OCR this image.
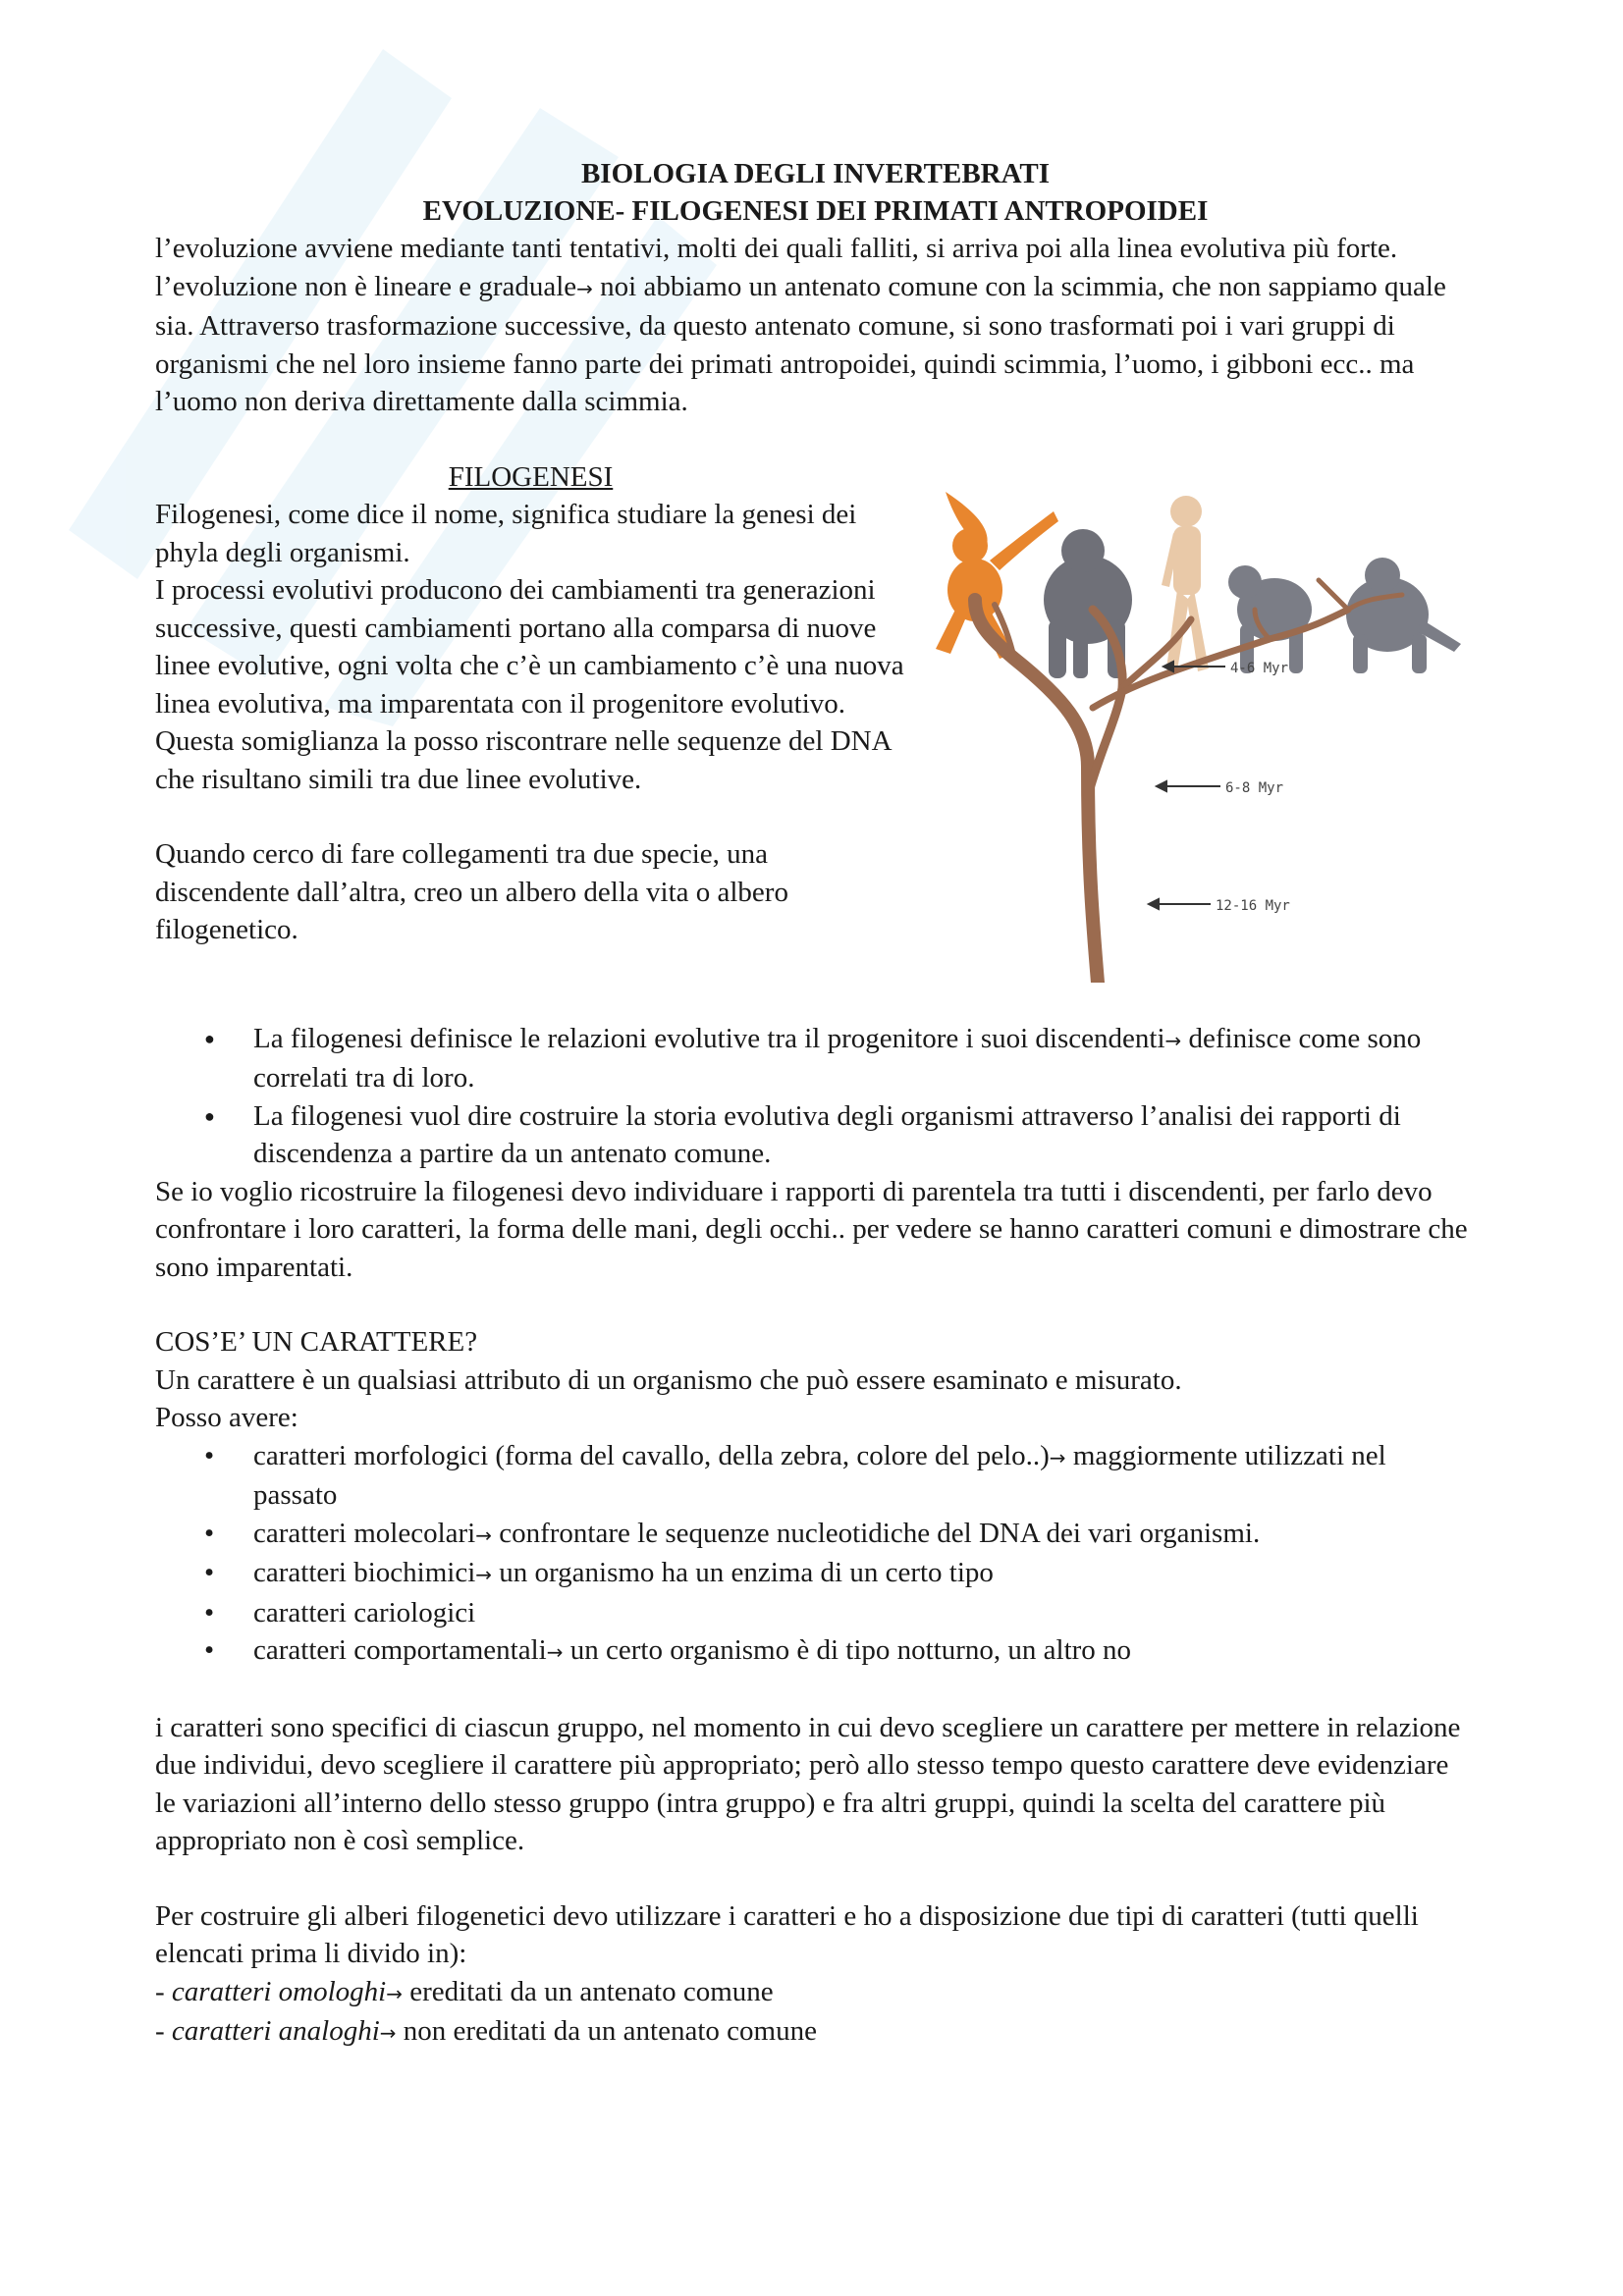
BIOLOGIA DEGLI INVERTEBRATI

EVOLUZIONE- FILOGENESI DEI PRIMATI ANTROPOIDEI

l’evoluzione avviene mediante tanti tentativi, molti dei quali falliti, si arriva poi alla linea evolutiva più forte.

l’evoluzione non è lineare e graduale→ noi abbiamo un antenato comune con la scimmia, che non sappiamo quale sia. Attraverso trasformazione successive, da questo antenato comune, si sono trasformati poi i vari gruppi di organismi che nel loro insieme fanno parte dei primati antropoidei, quindi scimmia, l’uomo, i gibboni ecc.. ma l’uomo non deriva direttamente dalla scimmia.

4-6 Myr
6-8 Myr
12-16 Myr

FILOGENESI

Filogenesi, come dice il nome, significa studiare la genesi dei phyla degli organismi.

I processi evolutivi producono dei cambiamenti tra generazioni successive, questi cambiamenti portano alla comparsa di nuove linee evolutive, ogni volta che c’è un cambiamento c’è una nuova linea evolutiva, ma imparentata con il progenitore evolutivo. Questa somiglianza la posso riscontrare nelle sequenze del DNA che risultano simili tra due linee evolutive.

Quando cerco di fare collegamenti tra due specie, una discendente dall’altra, creo un albero della vita o albero filogenetico.

● La filogenesi definisce le relazioni evolutive tra il progenitore i suoi discendenti→ definisce come sono correlati tra di loro.
● La filogenesi vuol dire costruire la storia evolutiva degli organismi attraverso l’analisi dei rapporti di discendenza a partire da un antenato comune.

Se io voglio ricostruire la filogenesi devo individuare i rapporti di parentela tra tutti i discendenti, per farlo devo confrontare i loro caratteri, la forma delle mani, degli occhi.. per vedere se hanno caratteri comuni e dimostrare che sono imparentati.

COS’E’ UN CARATTERE?

Un carattere è un qualsiasi attributo di un organismo che può essere esaminato e misurato.

Posso avere:

• caratteri morfologici (forma del cavallo, della zebra, colore del pelo..)→ maggiormente utilizzati nel passato
• caratteri molecolari→ confrontare le sequenze nucleotidiche del DNA dei vari organismi.
• caratteri biochimici→ un organismo ha un enzima di un certo tipo
• caratteri cariologici
• caratteri comportamentali→ un certo organismo è di tipo notturno, un altro no

i caratteri sono specifici di ciascun gruppo, nel momento in cui devo scegliere un carattere per mettere in relazione due individui, devo scegliere il carattere più appropriato; però allo stesso tempo questo carattere deve evidenziare le variazioni all’interno dello stesso gruppo (intra gruppo) e fra altri gruppi, quindi la scelta del carattere più appropriato non è così semplice.

Per costruire gli alberi filogenetici devo utilizzare i caratteri e ho a disposizione due tipi di caratteri (tutti quelli elencati prima li divido in):

- caratteri omologhi→ ereditati da un antenato comune

- caratteri analoghi→ non ereditati da un antenato comune
